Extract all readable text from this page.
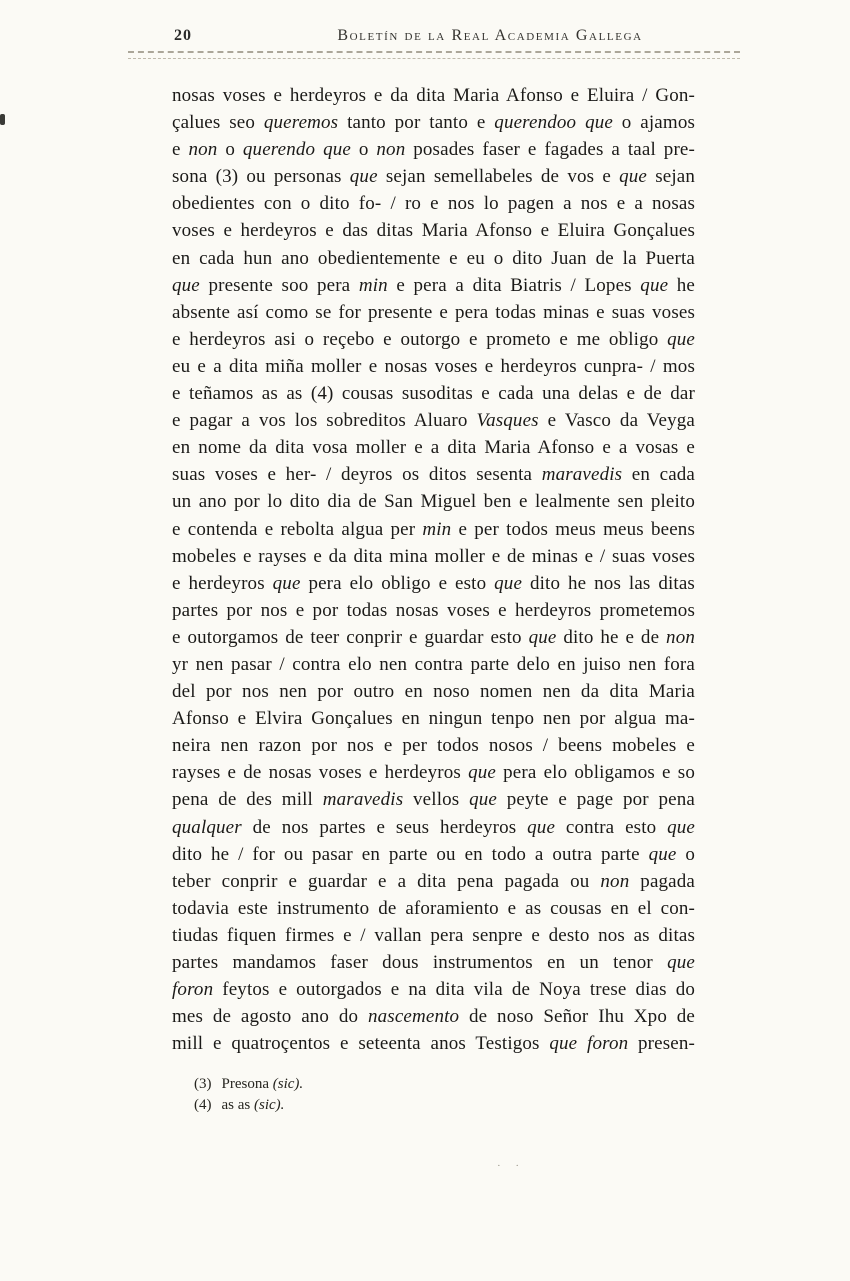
20	Boletín de la Real Academia Gallega
nosas voses e herdeyros e da dita Maria Afonso e Eluira / Gon-
çalues seo queremos tanto por tanto e querendoo que o ajamos
e non o querendo que o non posades faser e fagades a taal pre-
sona (3) ou personas que sejan semellabeles de vos e que sejan
obedientes con o dito fo- / ro e nos lo pagen a nos e a nosas
voses e herdeyros e das ditas Maria Afonso e Eluira Gonçalues
en cada hun ano obedientemente e eu o dito Juan de la Puerta
que presente soo pera min e pera a dita Biatris / Lopes que he
absente así como se for presente e pera todas minas e suas voses
e herdeyros asi o reçebo e outorgo e prometo e me obligo que
eu e a dita miña moller e nosas voses e herdeyros cunpra- / mos
e teñamos as as (4) cousas susoditas e cada una delas e de dar
e pagar a vos los sobreditos Aluaro Vasques e Vasco da Veyga
en nome da dita vosa moller e a dita Maria Afonso e a vosas e
suas voses e her- / deyros os ditos sesenta maravedis en cada
un ano por lo dito dia de San Miguel ben e lealmente sen pleito
e contenda e rebolta algua per min e per todos meus meus beens
mobeles e rayses e da dita mina moller e de minas e / suas voses
e herdeyros que pera elo obligo e esto que dito he nos las ditas
partes por nos e por todas nosas voses e herdeyros prometemos
e outorgamos de teer conprir e guardar esto que dito he e de non
yr nen pasar / contra elo nen contra parte delo en juiso nen fora
del por nos nen por outro en noso nomen nen da dita Maria
Afonso e Elvira Gonçalues en ningun tenpo nen por algua ma-
neira nen razon por nos e per todos nosos / beens mobeles e
rayses e de nosas voses e herdeyros que pera elo obligamos e so
pena de des mill maravedis vellos que peyte e page por pena
qualquer de nos partes e seus herdeyros que contra esto que
dito he / for ou pasar en parte ou en todo a outra parte que o
teber conprir e guardar e a dita pena pagada ou non pagada
todavia este instrumento de aforamiento e as cousas en el con-
tiudas fiquen firmes e / vallan pera senpre e desto nos as ditas
partes mandamos faser dous instrumentos en un tenor que
foron feytos e outorgados e na dita vila de Noya trese dias do
mes de agosto ano do nascemento de noso Señor Ihu Xpo de
mill e quatroçentos e seteenta anos Testigos que foron presen-
(3) Presona (sic).
(4) as as (sic).
· ·
